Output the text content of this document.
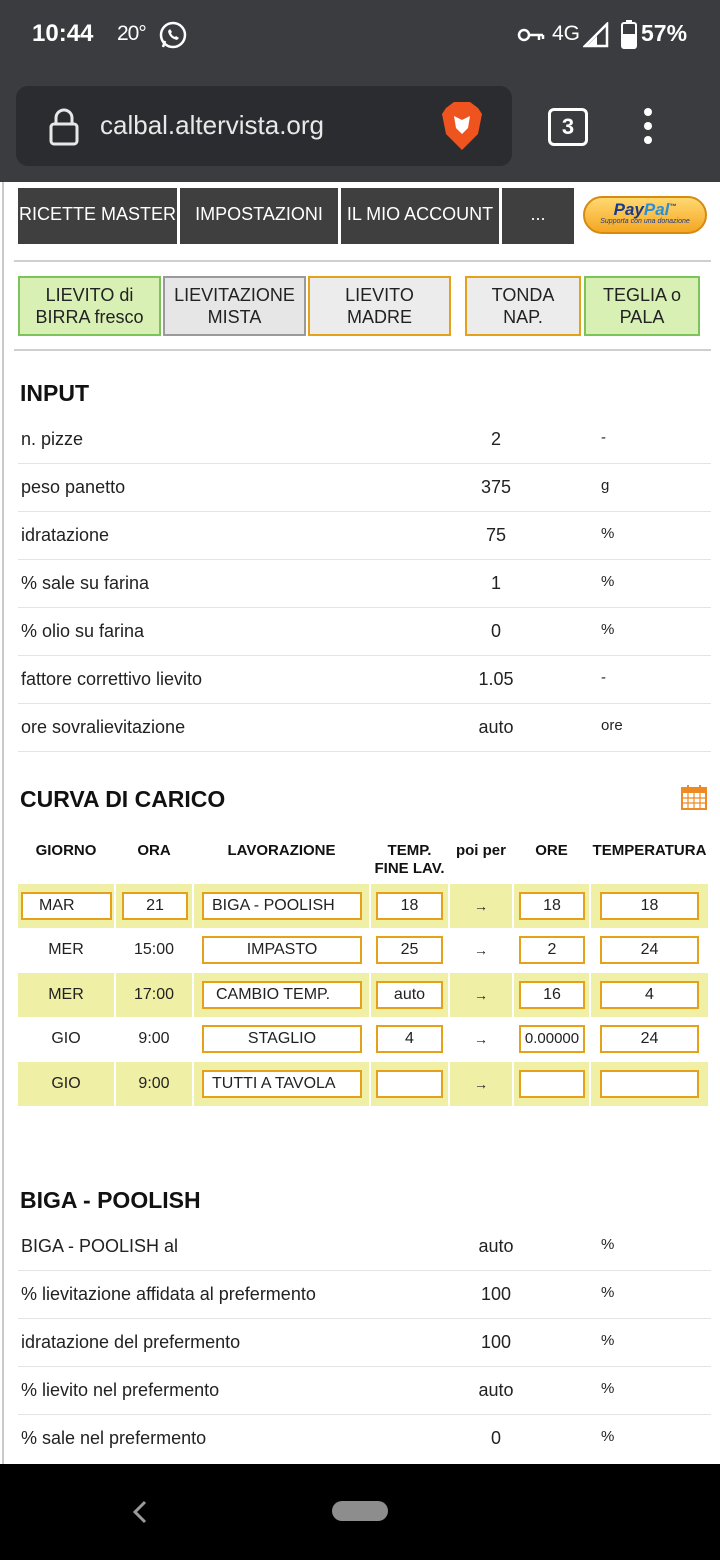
10:44 20°	4G	57%
calbal.altervista.org	3
RICETTE MASTER	IMPOSTAZIONI	IL MIO ACCOUNT	...	PayPal™
Supporta con una donazione
LIEVITO di
BIRRA fresco
LIEVITAZIONE
MISTA
LIEVITO
MADRE
TONDA
NAP.
TEGLIA o
PALA
INPUT
n. pizze	2	-
peso panetto	375	g
idratazione	75	%
% sale su farina	1	%
% olio su farina	0	%
fattore correttivo lievito	1.05	-
ore sovralievitazione	auto	ore
CURVA DI CARICO
GIORNO	ORA	LAVORAZIONE	TEMP.
FINE LAV.
poi per	ORE	TEMPERATURA
MAR	21	BIGA - POOLISH	18	→	18	18
MER	15:00	IMPASTO	25	→	2	24
MER	17:00	CAMBIO TEMP.	auto	→	16	4
GIO	9:00	STAGLIO	4	→	0.00000	24
GIO	9:00	TUTTI A TAVOLA	→
BIGA - POOLISH
BIGA - POOLISH al	auto	%
% lievitazione affidata al prefermento	100	%
idratazione del prefermento	100	%
% lievito nel prefermento	auto	%
% sale nel prefermento	0	%
